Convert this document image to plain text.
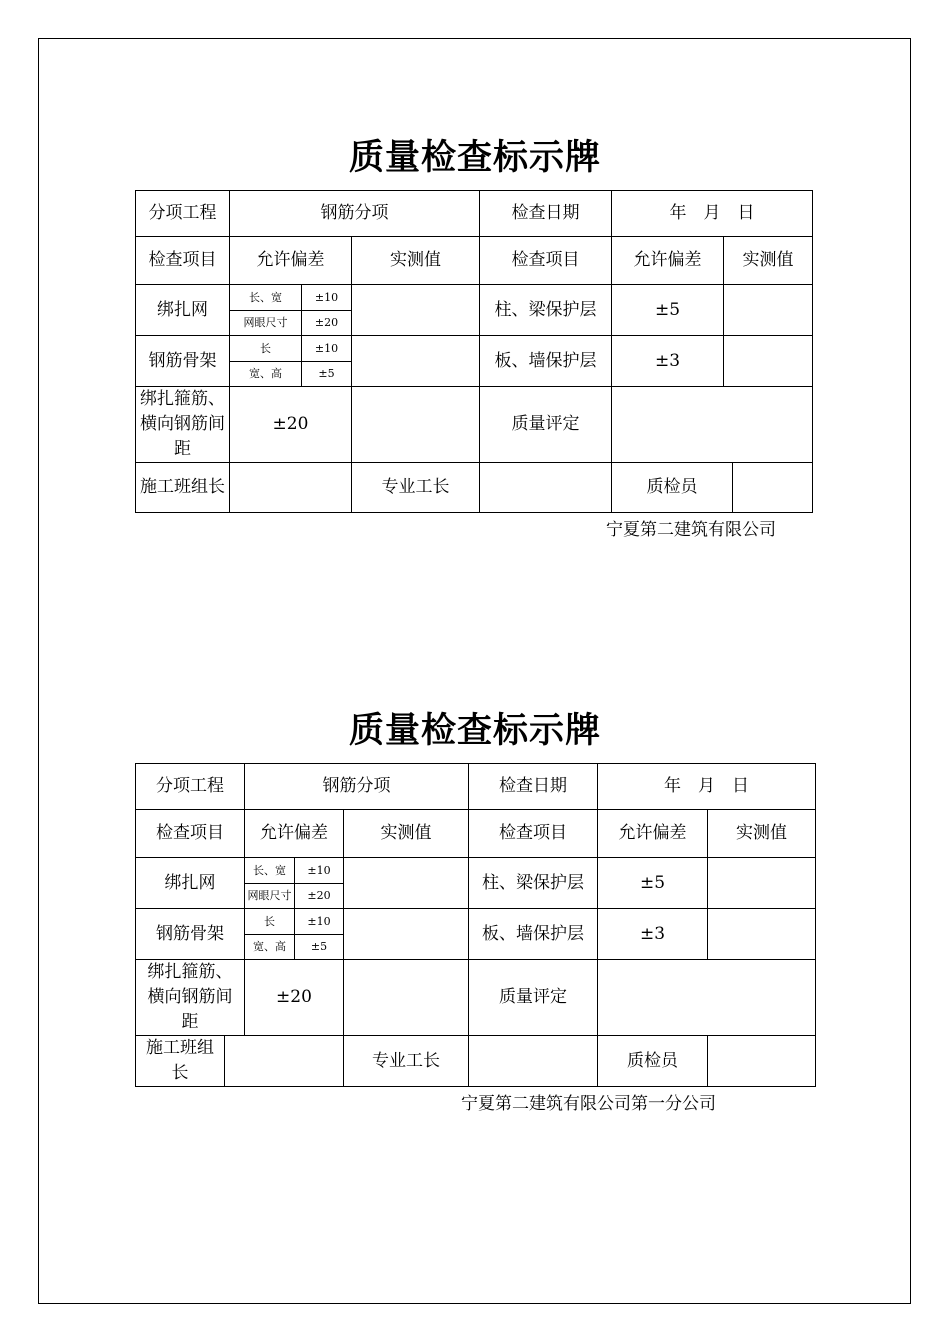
质量检查标示牌
分项工程	钢筋分项			检查日期	年　月　日		
检查项目	允许偏差		实测值	检查项目	允许偏差	实测值	
绑扎网	长、宽	±10		柱、梁保护层	±5		
	网眼尺寸	±20					
钢筋骨架	长	±10		板、墙保护层	±3		
	宽、高	±5					
绑扎箍筋、横向钢筋间距	±20			质量评定			
施工班组长			专业工长		质检员		
宁夏第二建筑有限公司
质量检查标示牌
分项工程		钢筋分项			检查日期	年　月　日	
检查项目		允许偏差		实测值	检查项目	允许偏差	实测值
绑扎网		长、宽	±10		柱、梁保护层	±5	
		网眼尺寸	±20				
钢筋骨架		长	±10		板、墙保护层	±3	
		宽、高	±5				
绑扎箍筋、横向钢筋间距		±20			质量评定		
施工班组长				专业工长		质检员	
宁夏第二建筑有限公司第一分公司
